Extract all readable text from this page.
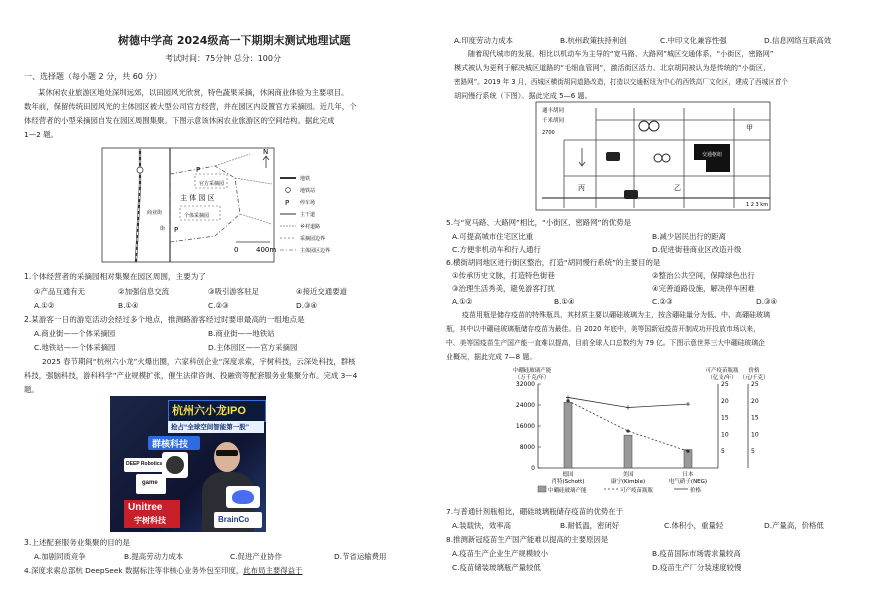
树德中学高 2024级高一下期期末测试地理试题
考试时间：75分钟 总分：100分
一、选择题（每小题 2 分，共 60 分）
某休闲农业旅游区地处深圳远郊，以田园风光欣赏，特色蔬果采摘，休闲商业体验为主要项目。
数年前，保留传统田园风光的主体园区被大型公司官方经营，并在园区内设置官方采摘园。近几年，个
体经营者的小型采摘园自发在园区周围集聚。下图示意该休闲农业旅游区的空间结构。据此完成
1—2 题。
P
官方采摘园
主 体 园 区
个体采摘园
P
商业街
街
0	400m
N
地铁
地铁站
P 停车场
主干道
乡村道路
采摘园边界
主体园区边界
1.个体经营者的采摘园相对集聚在园区周围，主要为了
①产品互通有无	②加强信息交流	③吸引游客驻足	④接近交通要道
A.①②	B.①④	C.②③	D.③④
2.某游客一日的游览活动会经过多个地点，推测路游客经过时要串最高的一组地点是
A.商业街——个体采摘园	B.商业街——地铁站
C.地铁站——个体采摘园	D.主体园区——官方采摘园
2025 春节期间“杭州六小龙”火爆出圈，六家科创企业“深度求索，宇树科技，云深处科技，群核
科技，强脑科技，游科科学”产业规模扩张，催生法律咨询、投融资等配套服务业集聚分布。完成 3—4
题。
杭州六小龙IPO
抢占“全球空间智能第一股”
群核科技
DEEP Robotics
game
Unitree
宇树科技	BrainCo
3.上述配套服务业集聚的目的是
A.加剧同质竞争	B.提高劳动力成本	C.促进产业协作	D.节省运输费用
4.深度求索总部杭 DeepSeek 数据标注等非核心业务外包至印度，此布局主要得益于
A.印度劳动力成本	B.杭州政策扶持利创	C.中印文化兼容性强	D.信息网络互联高效
随着现代城市的发展，相比以机动车为主导的“宽马路、大路网”城区交通体系，“小街区，密路网”
模式被认为更利于解决城区道路的“毛细血管网”，激活街区活力。北京胡同被认为是传统的“小街区、
密路网”。2019 年 3 月，西城区横街胡同道路改造，打造以交通枢纽为中心的西铁高厂文化区，建成了西城区首个
胡同慢行系统（下图）。据此完成 5—6 题。
通丰胡同
千米胡同
2700
交通枢纽
丙	乙
甲
1 2 3 km
5.与“宽马路、大路网”相比，“小街区、密路网”的优势是
A.可提高城市住宅区比重	B.减少居民出行的距离
C.方便非机动车和行人通行	D.促进街巷商业区改造升级
6.横街胡同地区进行街区整治，打造“胡同慢行系统”的主要目的是
①传承历史文脉，打造特色街巷	②整治公共空间，保障绿色出行
③治理生活秀美，避免游客打扰	④完善道路设施，解决停车困难
A.①②	B.①④	C.②③	D.③④
疫苗用瓶是储存疫苗的特殊瓶具，其材质主要以硼硅玻璃为主，按含硼硅量分为低、中、高硼硅玻璃
瓶，其中以中硼硅玻璃瓶储存疫苗为最佳。自 2020 年底中，美等国新冠疫苗开制成功开投放市场以来，
中、美等国疫苗生产国产能一直难以提高，目前全球人口总数约为 79 亿。下图示意世界三大中硼硅玻璃企
业概况，据此完成 7—8 题。
32000
24000
16000
8000
0
25	25
20	20
15	15
10	10
5	5
中硼硅玻璃产能
（万千克/年）
可产疫苗瓶瓶
（亿支/年）
价格
（元/千克）
德国
肖特(Schott)
美国
康宁(Kimble)
日本
电气硝子(NEG)
中硼硅玻璃产能	可产疫苗瓶瓶	价格
7.与普通针剂瓶相比，硼硅玻璃瓶储存疫苗的优势在于
A.装载快，效率高	B.耐低温，密闭好	C.体积小，重量轻	D.产量高，价格低
8.推测新冠疫苗生产国产能难以提高的主要原因是
A.疫苗生产企业生产规模较小	B.疫苗国际市场需求量较高
C.疫苗储装玻璃瓶产量较低	D.疫苗生产厂分装速度较慢
